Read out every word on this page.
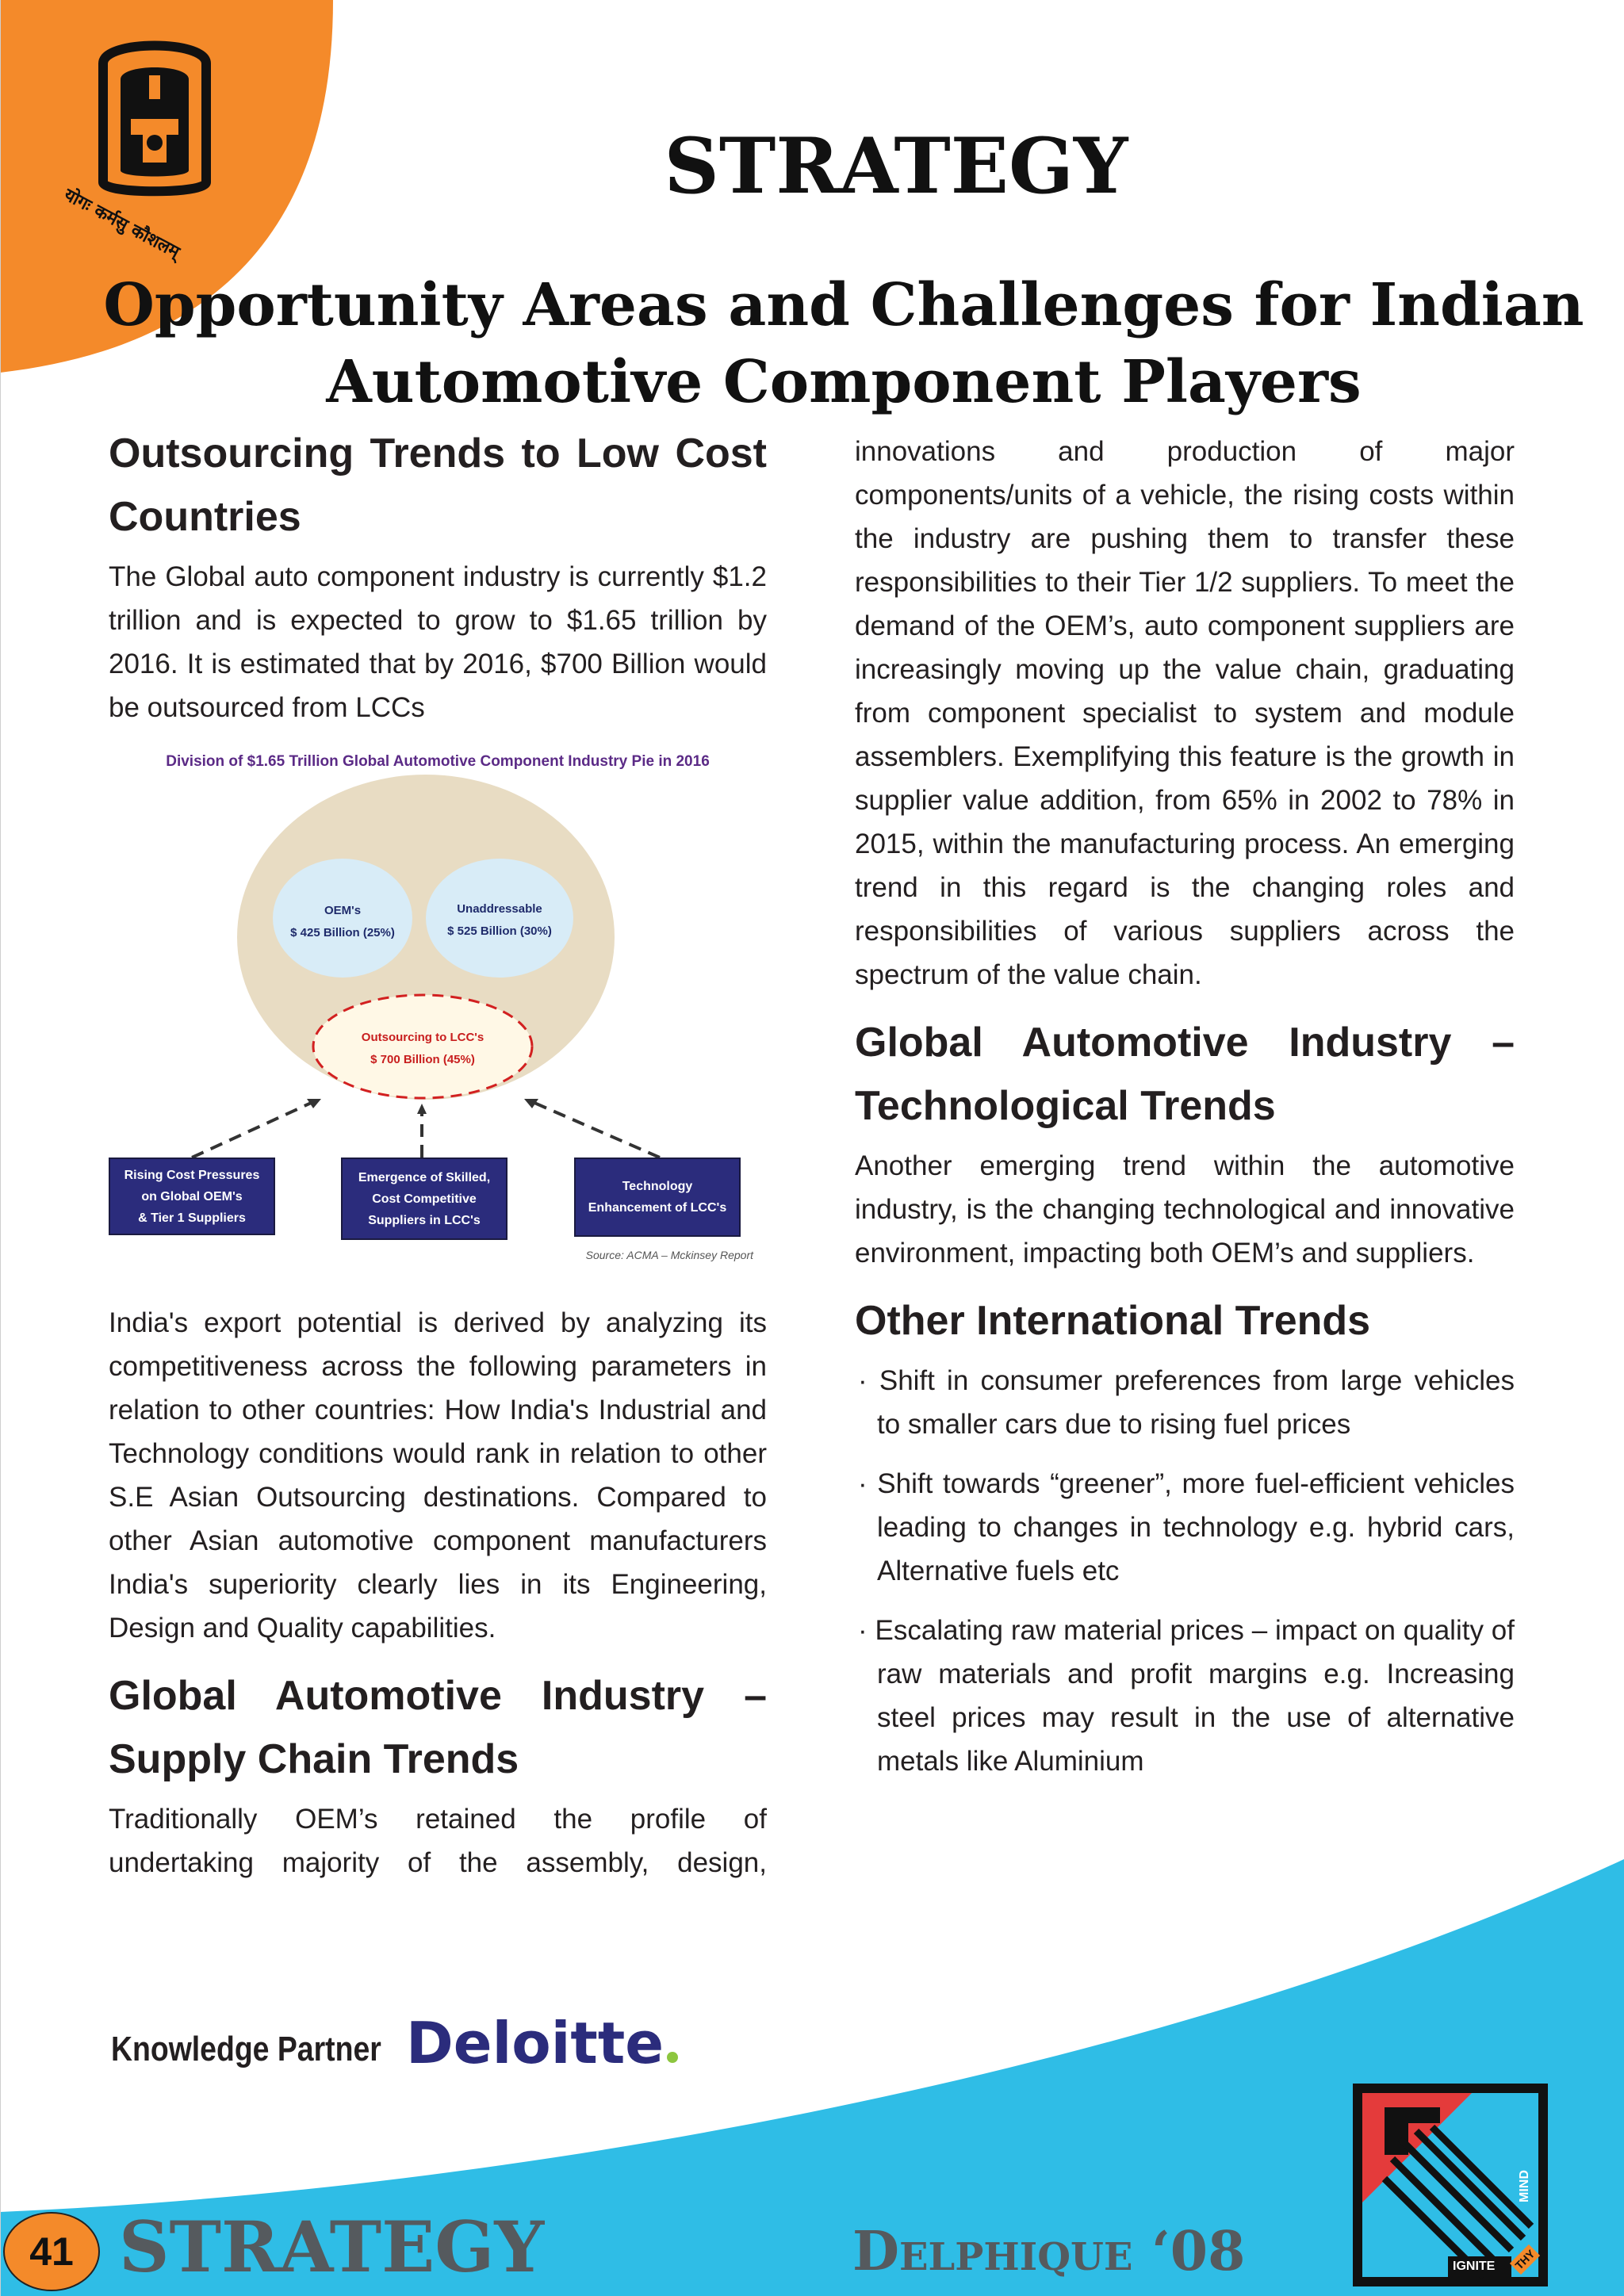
योगः कर्मसु कौशलम्
STRATEGY
Opportunity Areas and Challenges for Indian
Automotive Component Players

Outsourcing Trends to Low Cost

Countries

The Global auto component industry is currently $1.2 trillion and is expected to grow to $1.65 trillion by 2016. It is estimated that by 2016, $700 Billion would be outsourced from LCCs

Division of $1.65 Trillion Global Automotive Component Industry Pie in 2016
OEM's
$ 425 Billion (25%)
Unaddressable
$ 525 Billion (30%)
Outsourcing to LCC's
$ 700 Billion (45%)
Rising Cost Pressures
on Global OEM's
& Tier 1 Suppliers
Emergence of Skilled,
Cost Competitive
Suppliers in LCC's
Technology
Enhancement of LCC's
Source: ACMA – Mckinsey Report

India's export potential is derived by analyzing its competitiveness across the following parameters in relation to other countries: How India's Industrial and Technology conditions would rank in relation to other S.E Asian Outsourcing destinations. Compared to other Asian automotive component manufacturers India's superiority clearly lies in its Engineering, Design and Quality capabilities.

Global Automotive Industry –

Supply Chain Trends

Traditionally OEM’s retained the profile of undertaking majority of the assembly, design,

innovations and production of major components/units of a vehicle, the rising costs within the industry are pushing them to transfer these responsibilities to their Tier 1/2 suppliers. To meet the demand of the OEM’s, auto component suppliers are increasingly moving up the value chain, graduating from component specialist to system and module assemblers. Exemplifying this feature is the growth in supplier value addition, from 65% in 2002 to 78% in 2015, within the manufacturing process. An emerging trend in this regard is the changing roles and responsibilities of various suppliers across the spectrum of the value chain.

Global Automotive Industry –

Technological Trends

Another emerging trend within the automotive industry, is the changing technological and innovative environment, impacting both OEM’s and suppliers.

Other International Trends

· Shift in consumer preferences from large vehicles to smaller cars due to rising fuel prices

· Shift towards “greener”, more fuel-efficient vehicles leading to changes in technology e.g. hybrid cars, Alternative fuels etc

· Escalating raw material prices – impact on quality of raw materials and profit margins e.g. Increasing steel prices may result in the use of alternative metals like Aluminium

Knowledge Partner Deloitte
41 STRATEGY	Delphique ‘08	IGNITE THY
MIND
